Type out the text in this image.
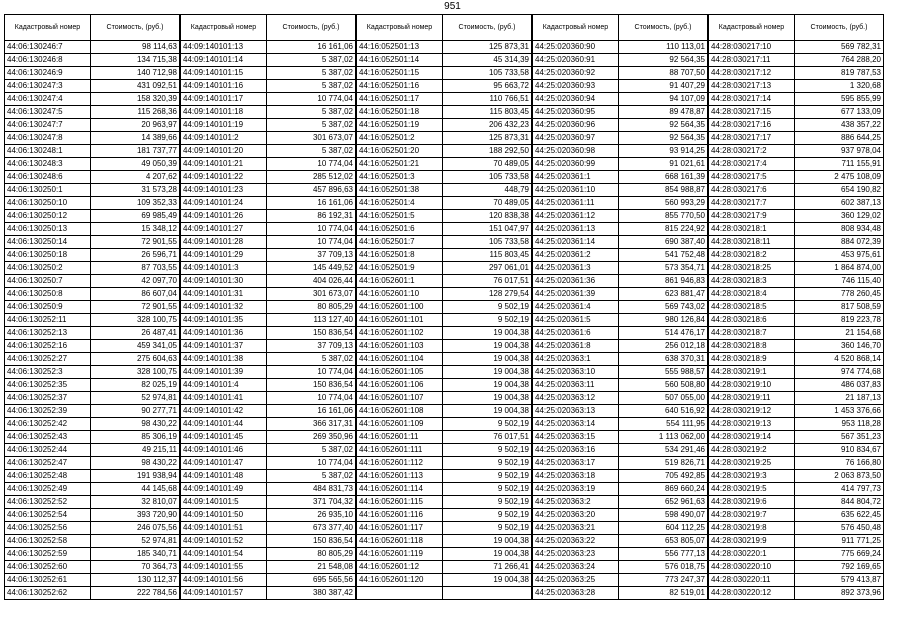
951
Кадастровый номер	Стоимость, (руб.)
44:06:130246:7	98 114,63
44:06:130246:8	134 715,38
44:06:130246:9	140 712,98
44:06:130247:3	431 092,51
44:06:130247:4	158 320,39
44:06:130247:5	115 268,36
44:06:130247:7	20 963,97
44:06:130247:8	14 389,66
44:06:130248:1	181 737,77
44:06:130248:3	49 050,39
44:06:130248:6	4 207,62
44:06:130250:1	31 573,28
44:06:130250:10	109 352,33
44:06:130250:12	69 985,49
44:06:130250:13	15 348,12
44:06:130250:14	72 901,55
44:06:130250:18	26 596,71
44:06:130250:2	87 703,55
44:06:130250:7	42 097,70
44:06:130250:8	86 607,04
44:06:130250:9	72 901,55
44:06:130252:11	328 100,75
44:06:130252:13	26 487,41
44:06:130252:16	459 341,05
44:06:130252:27	275 604,63
44:06:130252:3	328 100,75
44:06:130252:35	82 025,19
44:06:130252:37	52 974,81
44:06:130252:39	90 277,71
44:06:130252:42	98 430,22
44:06:130252:43	85 306,19
44:06:130252:44	49 215,11
44:06:130252:47	98 430,22
44:06:130252:48	191 938,94
44:06:130252:49	44 145,68
44:06:130252:52	32 810,07
44:06:130252:54	393 720,90
44:06:130252:56	246 075,56
44:06:130252:58	52 974,81
44:06:130252:59	185 340,71
44:06:130252:60	70 364,73
44:06:130252:61	130 112,37
44:06:130252:62	222 784,56
Кадастровый номер	Стоимость, (руб.)
44:09:140101:13	16 161,06
44:09:140101:14	5 387,02
44:09:140101:15	5 387,02
44:09:140101:16	5 387,02
44:09:140101:17	10 774,04
44:09:140101:18	5 387,02
44:09:140101:19	5 387,02
44:09:140101:2	301 673,07
44:09:140101:20	5 387,02
44:09:140101:21	10 774,04
44:09:140101:22	285 512,02
44:09:140101:23	457 896,63
44:09:140101:24	16 161,06
44:09:140101:26	86 192,31
44:09:140101:27	10 774,04
44:09:140101:28	10 774,04
44:09:140101:29	37 709,13
44:09:140101:3	145 449,52
44:09:140101:30	404 026,44
44:09:140101:31	301 673,07
44:09:140101:32	80 805,29
44:09:140101:35	113 127,40
44:09:140101:36	150 836,54
44:09:140101:37	37 709,13
44:09:140101:38	5 387,02
44:09:140101:39	10 774,04
44:09:140101:4	150 836,54
44:09:140101:41	10 774,04
44:09:140101:42	16 161,06
44:09:140101:44	366 317,31
44:09:140101:45	269 350,96
44:09:140101:46	5 387,02
44:09:140101:47	10 774,04
44:09:140101:48	5 387,02
44:09:140101:49	484 831,73
44:09:140101:5	371 704,32
44:09:140101:50	26 935,10
44:09:140101:51	673 377,40
44:09:140101:52	150 836,54
44:09:140101:54	80 805,29
44:09:140101:55	21 548,08
44:09:140101:56	695 565,56
44:09:140101:57	380 387,42
Кадастровый номер	Стоимость, (руб.)
44:16:052501:13	125 873,31
44:16:052501:14	45 314,39
44:16:052501:15	105 733,58
44:16:052501:16	95 663,72
44:16:052501:17	110 766,51
44:16:052501:18	115 803,45
44:16:052501:19	206 432,23
44:16:052501:2	125 873,31
44:16:052501:20	188 292,50
44:16:052501:21	70 489,05
44:16:052501:3	105 733,58
44:16:052501:38	448,79
44:16:052501:4	70 489,05
44:16:052501:5	120 838,38
44:16:052501:6	151 047,97
44:16:052501:7	105 733,58
44:16:052501:8	115 803,45
44:16:052501:9	297 061,01
44:16:052601:1	76 017,51
44:16:052601:10	128 279,54
44:16:052601:100	9 502,19
44:16:052601:101	9 502,19
44:16:052601:102	19 004,38
44:16:052601:103	19 004,38
44:16:052601:104	19 004,38
44:16:052601:105	19 004,38
44:16:052601:106	19 004,38
44:16:052601:107	19 004,38
44:16:052601:108	19 004,38
44:16:052601:109	9 502,19
44:16:052601:11	76 017,51
44:16:052601:111	9 502,19
44:16:052601:112	9 502,19
44:16:052601:113	9 502,19
44:16:052601:114	9 502,19
44:16:052601:115	9 502,19
44:16:052601:116	9 502,19
44:16:052601:117	9 502,19
44:16:052601:118	19 004,38
44:16:052601:119	19 004,38
44:16:052601:12	71 266,41
44:16:052601:120	19 004,38

Кадастровый номер	Стоимость, (руб.)
44:25:020360:90	110 113,01
44:25:020360:91	92 564,35
44:25:020360:92	88 707,50
44:25:020360:93	91 407,29
44:25:020360:94	94 107,09
44:25:020360:95	89 478,87
44:25:020360:96	92 564,35
44:25:020360:97	92 564,35
44:25:020360:98	93 914,25
44:25:020360:99	91 021,61
44:25:020361:1	668 161,39
44:25:020361:10	854 988,87
44:25:020361:11	560 993,29
44:25:020361:12	855 770,50
44:25:020361:13	815 224,92
44:25:020361:14	690 387,40
44:25:020361:2	541 752,48
44:25:020361:3	573 354,71
44:25:020361:36	861 946,83
44:25:020361:39	623 881,47
44:25:020361:4	569 743,02
44:25:020361:5	980 126,84
44:25:020361:6	514 476,17
44:25:020361:8	256 012,18
44:25:020363:1	638 370,31
44:25:020363:10	555 988,57
44:25:020363:11	560 508,80
44:25:020363:12	507 055,00
44:25:020363:13	640 516,92
44:25:020363:14	554 111,95
44:25:020363:15	1 113 062,00
44:25:020363:16	534 291,46
44:25:020363:17	519 826,71
44:25:020363:18	705 492,85
44:25:020363:19	869 660,24
44:25:020363:2	652 961,63
44:25:020363:20	598 490,07
44:25:020363:21	604 112,25
44:25:020363:22	653 805,07
44:25:020363:23	556 777,13
44:25:020363:24	576 018,75
44:25:020363:25	773 247,37
44:25:020363:28	82 519,01
Кадастровый номер	Стоимость, (руб.)
44:28:030217:10	569 782,31
44:28:030217:11	764 288,20
44:28:030217:12	819 787,53
44:28:030217:13	1 320,68
44:28:030217:14	595 855,99
44:28:030217:15	677 133,09
44:28:030217:16	438 357,22
44:28:030217:17	886 644,25
44:28:030217:2	937 978,04
44:28:030217:4	711 155,91
44:28:030217:5	2 475 108,09
44:28:030217:6	654 190,82
44:28:030217:7	602 387,13
44:28:030217:9	360 129,02
44:28:030218:1	808 934,48
44:28:030218:11	884 072,39
44:28:030218:2	453 975,61
44:28:030218:25	1 864 874,00
44:28:030218:3	746 115,40
44:28:030218:4	778 260,45
44:28:030218:5	817 508,59
44:28:030218:6	819 223,78
44:28:030218:7	21 154,68
44:28:030218:8	360 146,70
44:28:030218:9	4 520 868,14
44:28:030219:1	974 774,68
44:28:030219:10	486 037,83
44:28:030219:11	21 187,13
44:28:030219:12	1 453 376,66
44:28:030219:13	953 118,28
44:28:030219:14	567 351,23
44:28:030219:2	910 834,67
44:28:030219:25	76 166,80
44:28:030219:3	2 063 873,50
44:28:030219:5	414 797,73
44:28:030219:6	844 804,72
44:28:030219:7	635 622,45
44:28:030219:8	576 450,48
44:28:030219:9	911 771,25
44:28:030220:1	775 669,24
44:28:030220:10	792 169,65
44:28:030220:11	579 413,87
44:28:030220:12	892 373,96
